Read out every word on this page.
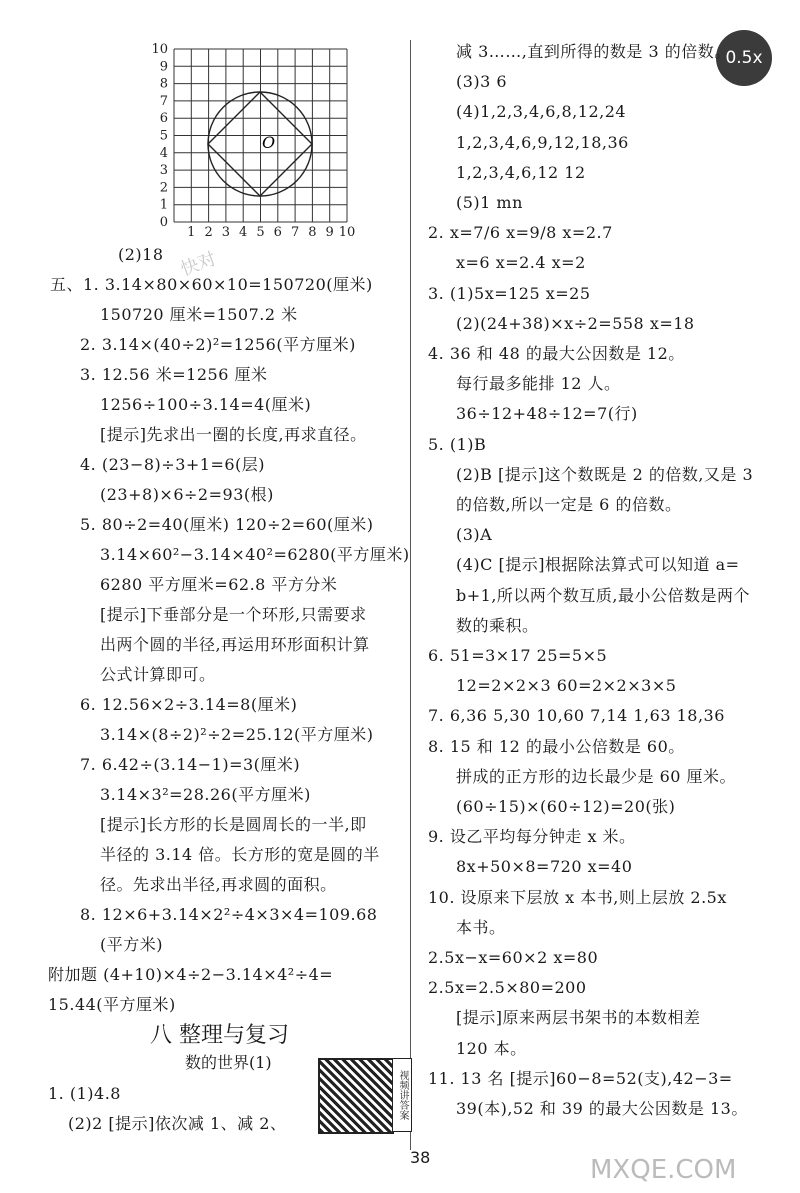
0.5x
0
1
2
3
4
5
6
7
8
9
10
1 2 3 4 5 6 7 8 9 10
O
(2)18
五、1. 3.14×80×60×10=150720(厘米)
150720 厘米=1507.2 米
2. 3.14×(40÷2)²=1256(平方厘米)
3. 12.56 米=1256 厘米
1256÷100÷3.14=4(厘米)
[提示]先求出一圈的长度,再求直径。
4. (23−8)÷3+1=6(层)
(23+8)×6÷2=93(根)
5. 80÷2=40(厘米) 120÷2=60(厘米)
3.14×60²−3.14×40²=6280(平方厘米)
6280 平方厘米=62.8 平方分米
[提示]下垂部分是一个环形,只需要求
出两个圆的半径,再运用环形面积计算
公式计算即可。
6. 12.56×2÷3.14=8(厘米)
3.14×(8÷2)²÷2=25.12(平方厘米)
7. 6.42÷(3.14−1)=3(厘米)
3.14×3²=28.26(平方厘米)
[提示]长方形的长是圆周长的一半,即
半径的 3.14 倍。长方形的宽是圆的半
径。先求出半径,再求圆的面积。
8. 12×6+3.14×2²÷4×3×4=109.68
(平方米)
附加题 (4+10)×4÷2−3.14×4²÷4=
15.44(平方厘米)
八 整理与复习
数的世界(1)
1. (1)4.8
(2)2 [提示]依次减 1、减 2、
视频讲答案
减 3……,直到所得的数是 3 的倍数。
(3)3 6
(4)1,2,3,4,6,8,12,24
1,2,3,4,6,9,12,18,36
1,2,3,4,6,12 12
(5)1 mn
2. x=7/6 x=9/8 x=2.7
x=6 x=2.4 x=2
3. (1)5x=125 x=25
(2)(24+38)×x÷2=558 x=18
4. 36 和 48 的最大公因数是 12。
每行最多能排 12 人。
36÷12+48÷12=7(行)
5. (1)B
(2)B [提示]这个数既是 2 的倍数,又是 3
的倍数,所以一定是 6 的倍数。
(3)A
(4)C [提示]根据除法算式可以知道 a=
b+1,所以两个数互质,最小公倍数是两个
数的乘积。
6. 51=3×17 25=5×5
12=2×2×3 60=2×2×3×5
7. 6,36 5,30 10,60 7,14 1,63 18,36
8. 15 和 12 的最小公倍数是 60。
拼成的正方形的边长最少是 60 厘米。
(60÷15)×(60÷12)=20(张)
9. 设乙平均每分钟走 x 米。
8x+50×8=720 x=40
10. 设原来下层放 x 本书,则上层放 2.5x
本书。
2.5x−x=60×2 x=80
2.5x=2.5×80=200
[提示]原来两层书架书的本数相差
120 本。
11. 13 名 [提示]60−8=52(支),42−3=
39(本),52 和 39 的最大公因数是 13。
38
快对
MXQE.COM
